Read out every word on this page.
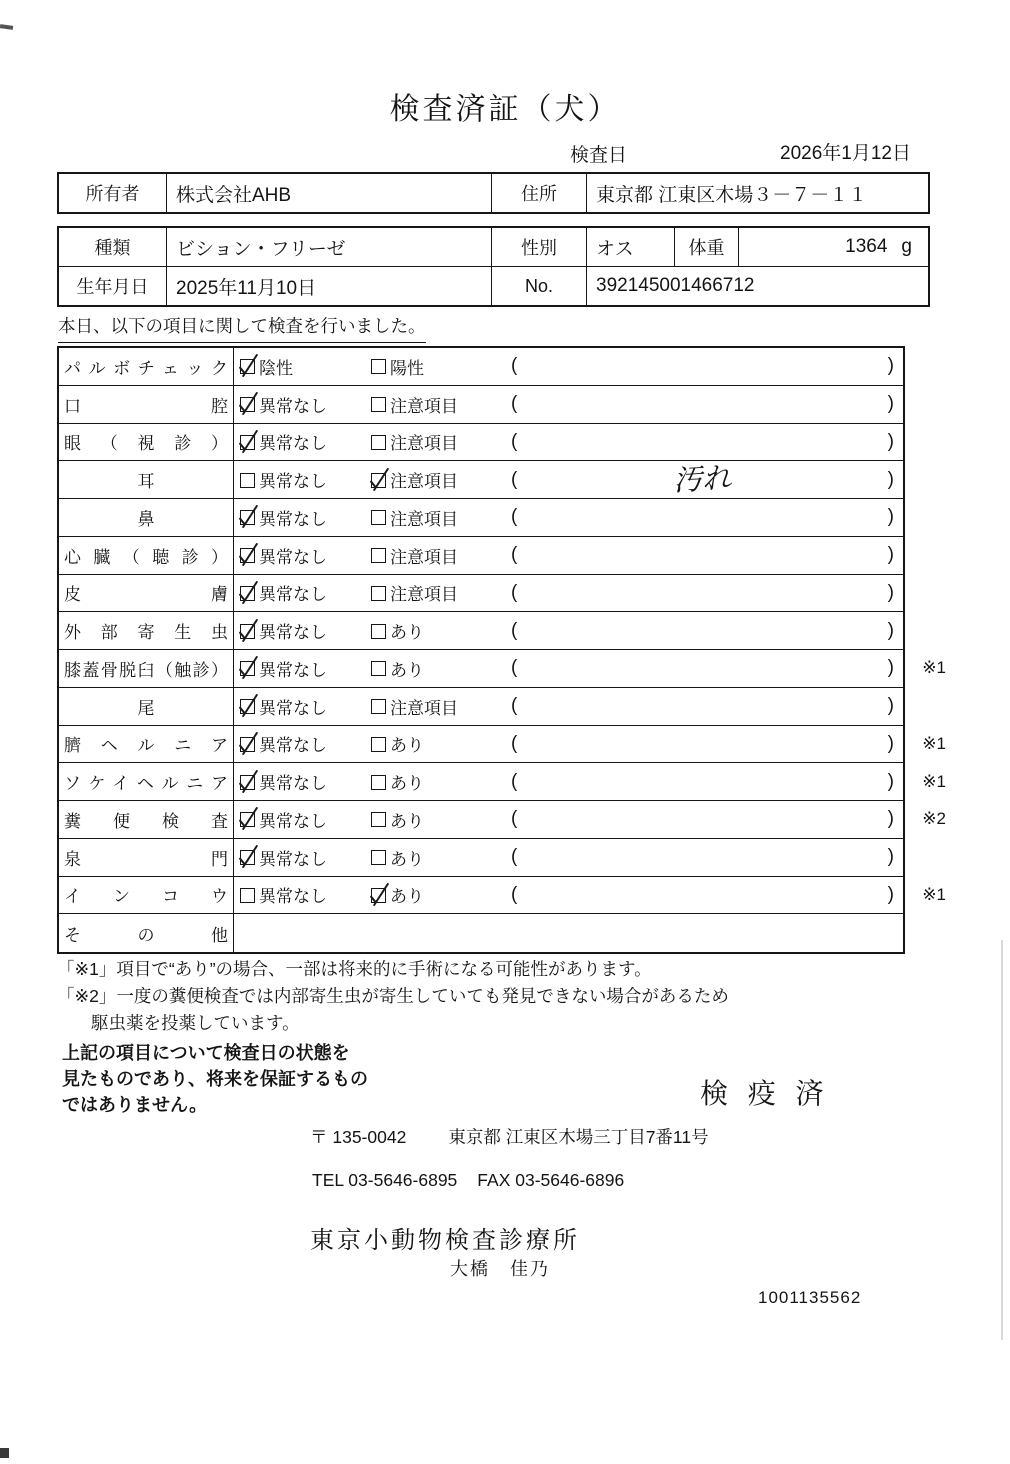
検査済証（犬）
検査日	2026年1月12日
所有者	株式会社AHB	住所	東京都 江東区木場３－７－１１
種類	ビション・フリーゼ	性別	オス	体重	1364 g
生年月日	2025年11月10日	No.	392145001466712
本日、以下の項目に関して検査を行いました。
パルボチェック 陰性	陽性	(	)
口腔 異常なし	注意項目	(	)
眼（視診） 異常なし	注意項目	(	)
耳	異常なし	注意項目	(	汚れ	)
鼻	異常なし	注意項目	(	)
心臓（聴診） 異常なし	注意項目	(	)
皮膚 異常なし	注意項目	(	)
外部寄生虫 異常なし	あり	(	)
膝蓋骨脱臼（触診） 異常なし	あり	(	) ※1
尾	異常なし	注意項目	(	)
臍ヘルニア 異常なし	あり	(	) ※1
ソケイヘルニア 異常なし	あり	(	) ※1
糞便検査 異常なし	あり	(	) ※2
泉門 異常なし	あり	(	)
インコウ 異常なし	あり	(	) ※1
その他
「※1」項目で“あり”の場合、一部は将来的に手術になる可能性があります。
「※2」一度の糞便検査では内部寄生虫が寄生していても発見できない場合があるため
駆虫薬を投薬しています。
上記の項目について検査日の状態を
見たものであり、将来を保証するもの
ではありません。	検 疫 済
〒 135-0042 東京都 江東区木場三丁目7番11号
TEL 03-5646-6895 FAX 03-5646-6896
東京小動物検査診療所
大橋　佳乃
1001135562
